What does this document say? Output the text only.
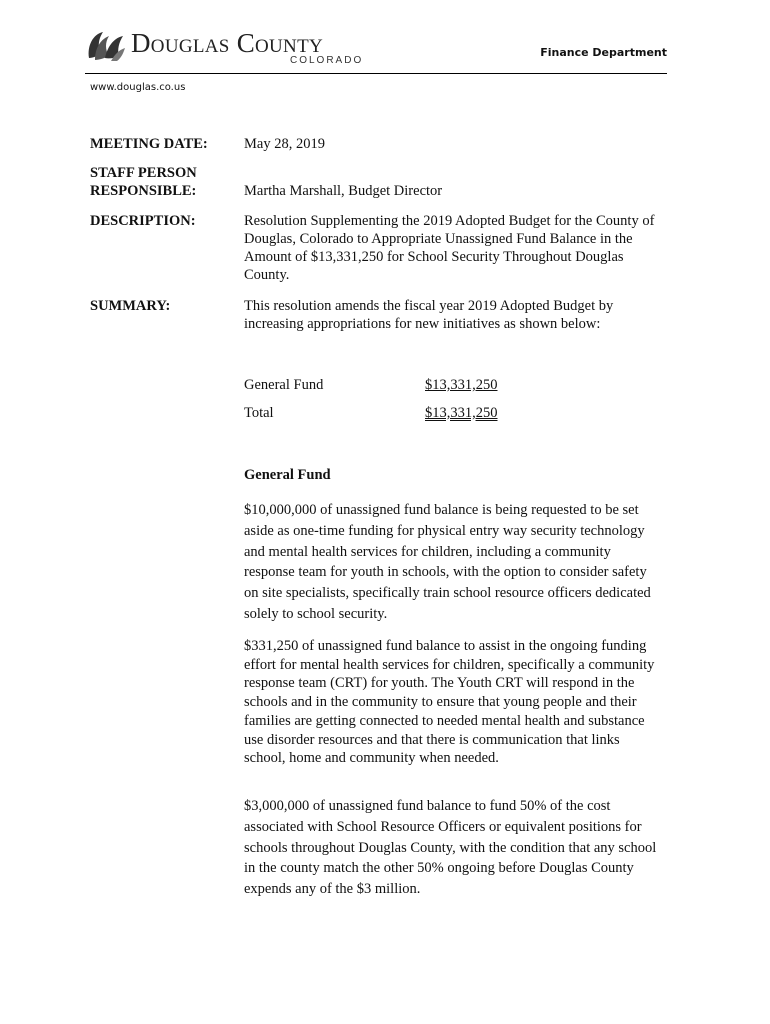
Douglas County
COLORADO
Finance Department
www.douglas.co.us
MEETING DATE: May 28, 2019
STAFF PERSON
RESPONSIBLE:	Martha Marshall, Budget Director
DESCRIPTION:	Resolution Supplementing the 2019 Adopted Budget for the County of Douglas, Colorado to Appropriate Unassigned Fund Balance in the Amount of $13,331,250 for School Security Throughout Douglas County.
SUMMARY:	This resolution amends the fiscal year 2019 Adopted Budget by increasing appropriations for new initiatives as shown below:
General Fund	$13,331,250
Total	$13,331,250
General Fund
$10,000,000 of unassigned fund balance is being requested to be set aside as one-time funding for physical entry way security technology and mental health services for children, including a community response team for youth in schools, with the option to consider safety on site specialists, specifically train school resource officers dedicated solely to school security.
$331,250 of unassigned fund balance to assist in the ongoing funding effort for mental health services for children, specifically a community response team (CRT) for youth. The Youth CRT will respond in the schools and in the community to ensure that young people and their families are getting connected to needed mental health and substance use disorder resources and that there is communication that links school, home and community when needed.
$3,000,000 of unassigned fund balance to fund 50% of the cost associated with School Resource Officers or equivalent positions for schools throughout Douglas County, with the condition that any school in the county match the other 50% ongoing before Douglas County expends any of the $3 million.
